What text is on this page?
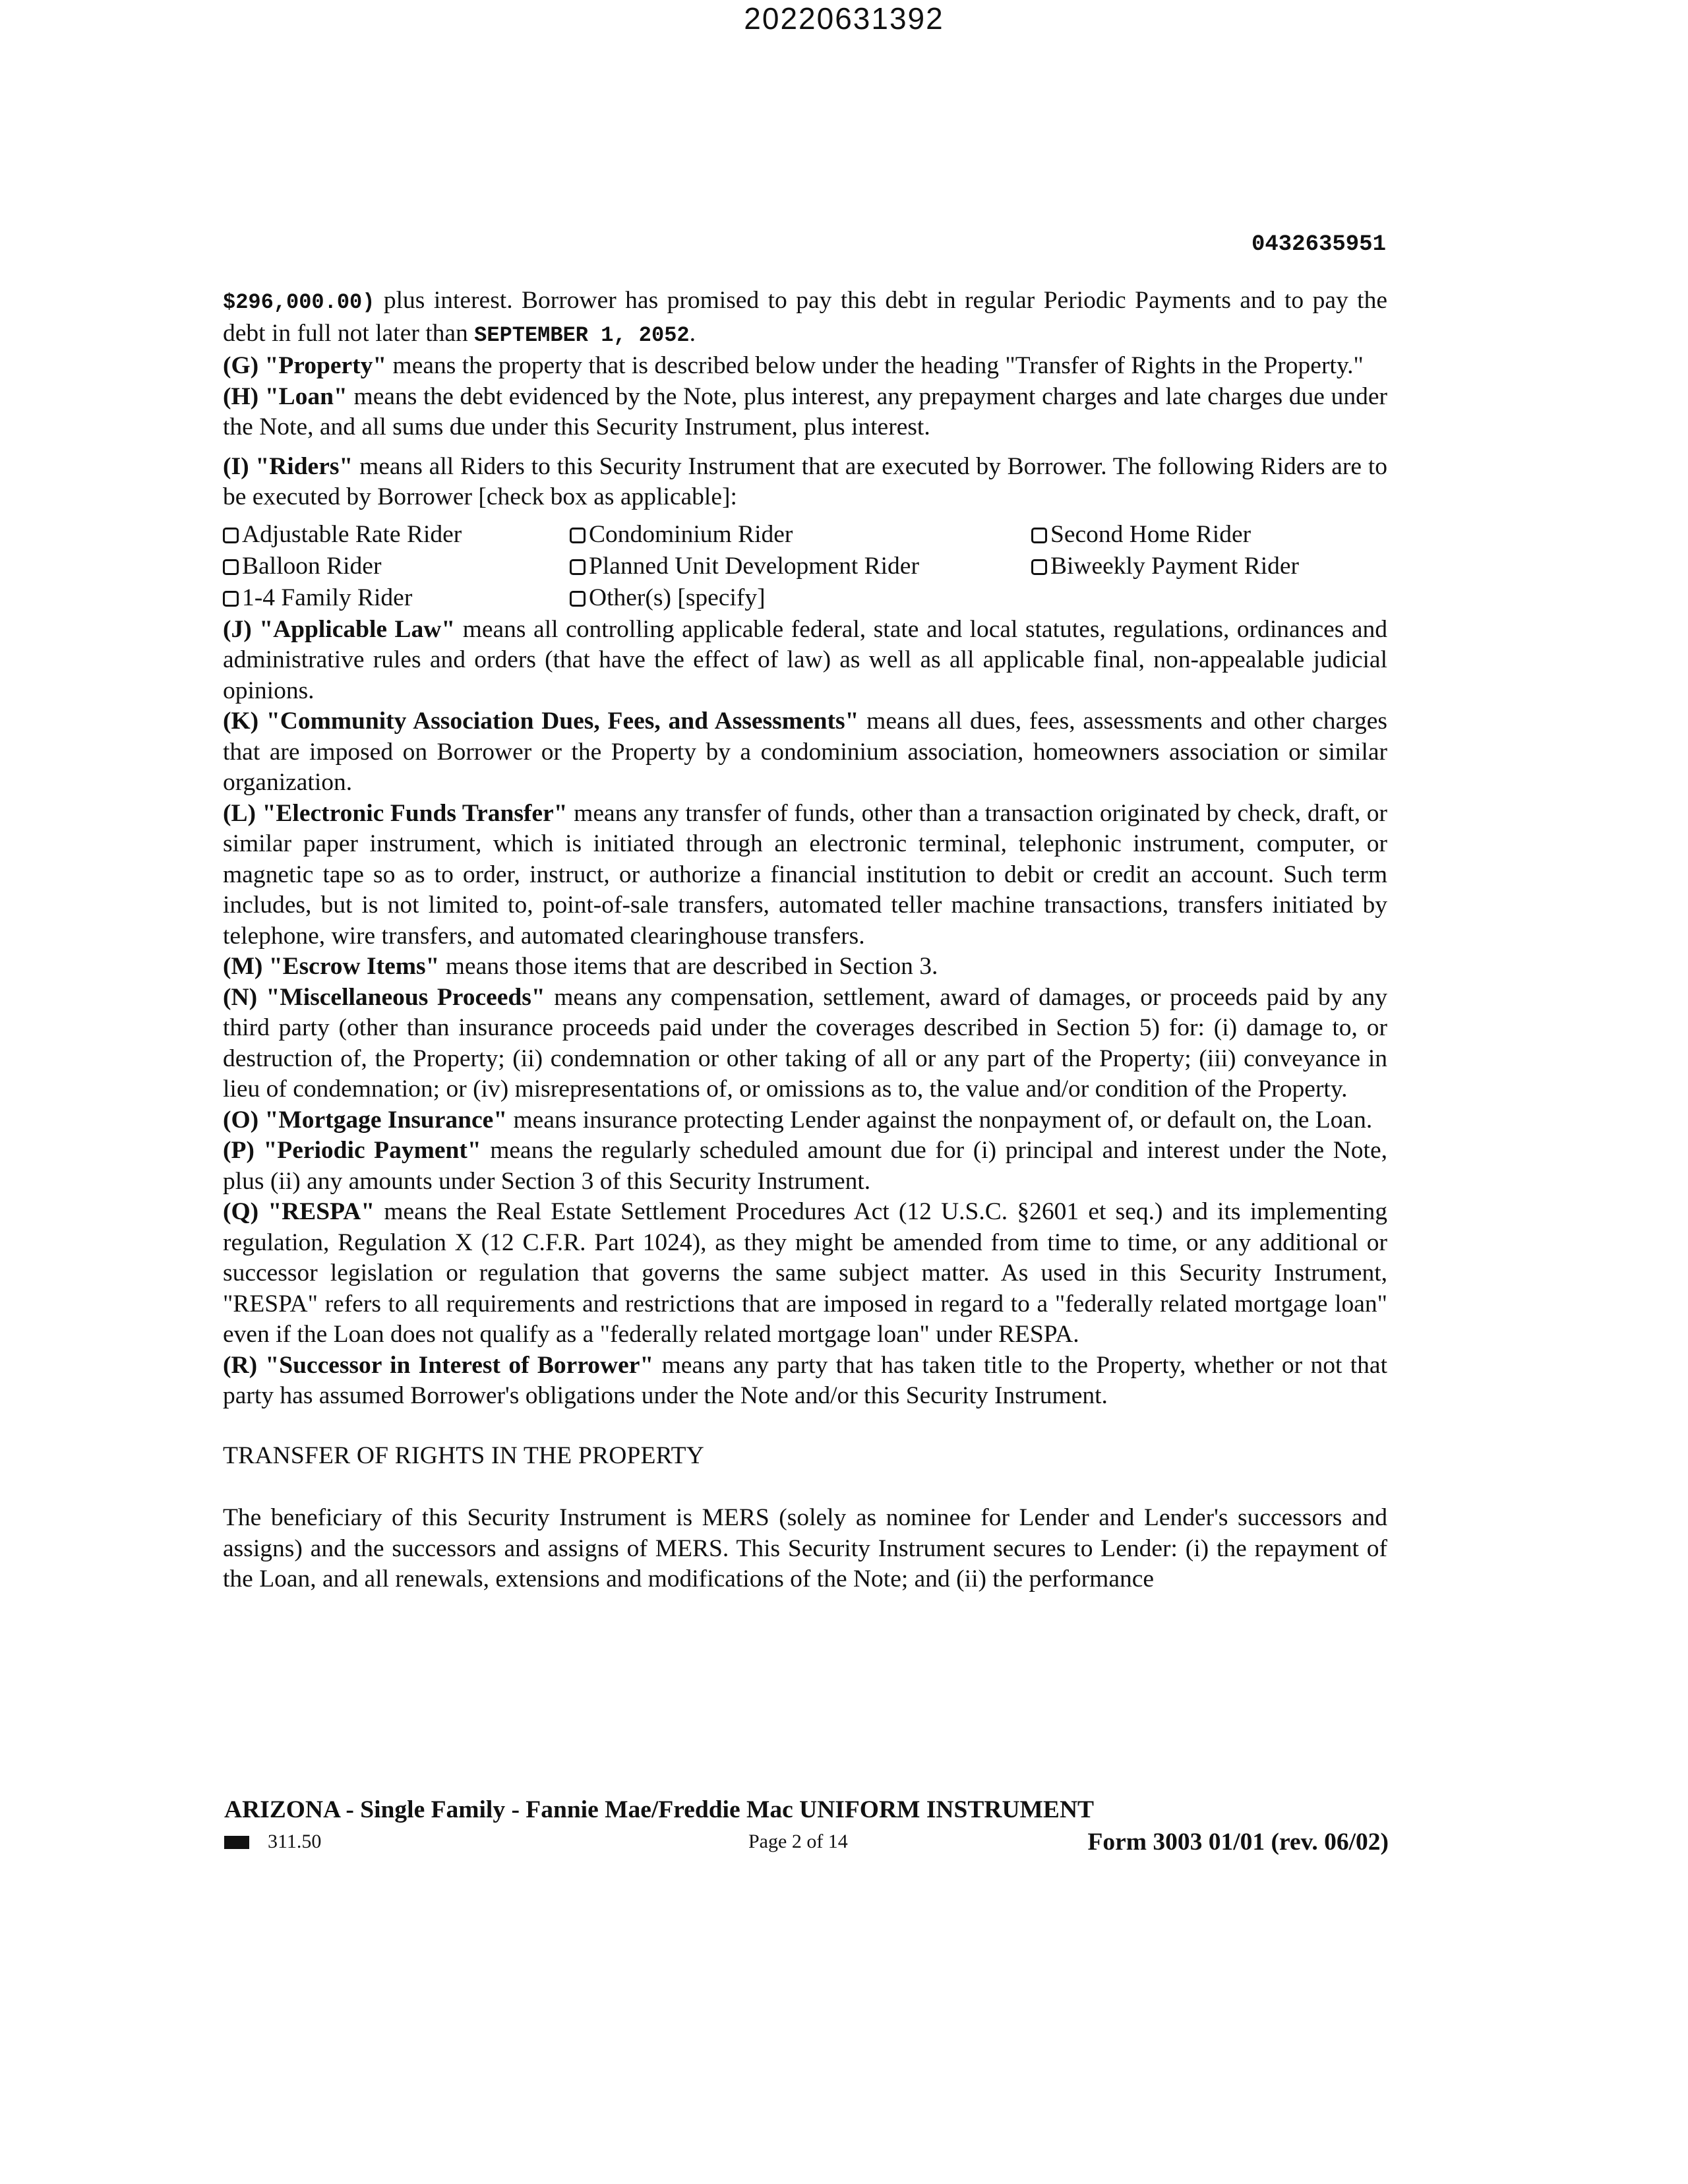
20220631392
0432635951

$296,000.00) plus interest. Borrower has promised to pay this debt in regular Periodic Payments and to pay the debt in full not later than SEPTEMBER 1, 2052.

(G) "Property" means the property that is described below under the heading "Transfer of Rights in the Property."

(H) "Loan" means the debt evidenced by the Note, plus interest, any prepayment charges and late charges due under the Note, and all sums due under this Security Instrument, plus interest.

(I) "Riders" means all Riders to this Security Instrument that are executed by Borrower. The following Riders are to be executed by Borrower [check box as applicable]:

Adjustable Rate Rider	Condominium Rider	Second Home Rider
Balloon Rider	Planned Unit Development Rider	Biweekly Payment Rider
1-4 Family Rider	Other(s) [specify]

(J) "Applicable Law" means all controlling applicable federal, state and local statutes, regulations, ordinances and administrative rules and orders (that have the effect of law) as well as all applicable final, non-appealable judicial opinions.

(K) "Community Association Dues, Fees, and Assessments" means all dues, fees, assessments and other charges that are imposed on Borrower or the Property by a condominium association, homeowners association or similar organization.

(L) "Electronic Funds Transfer" means any transfer of funds, other than a transaction originated by check, draft, or similar paper instrument, which is initiated through an electronic terminal, telephonic instrument, computer, or magnetic tape so as to order, instruct, or authorize a financial institution to debit or credit an account. Such term includes, but is not limited to, point-of-sale transfers, automated teller machine transactions, transfers initiated by telephone, wire transfers, and automated clearinghouse transfers.

(M) "Escrow Items" means those items that are described in Section 3.

(N) "Miscellaneous Proceeds" means any compensation, settlement, award of damages, or proceeds paid by any third party (other than insurance proceeds paid under the coverages described in Section 5) for: (i) damage to, or destruction of, the Property; (ii) condemnation or other taking of all or any part of the Property; (iii) conveyance in lieu of condemnation; or (iv) misrepresentations of, or omissions as to, the value and/or condition of the Property.

(O) "Mortgage Insurance" means insurance protecting Lender against the nonpayment of, or default on, the Loan.

(P) "Periodic Payment" means the regularly scheduled amount due for (i) principal and interest under the Note, plus (ii) any amounts under Section 3 of this Security Instrument.

(Q) "RESPA" means the Real Estate Settlement Procedures Act (12 U.S.C. §2601 et seq.) and its implementing regulation, Regulation X (12 C.F.R. Part 1024), as they might be amended from time to time, or any additional or successor legislation or regulation that governs the same subject matter. As used in this Security Instrument, "RESPA" refers to all requirements and restrictions that are imposed in regard to a "federally related mortgage loan" even if the Loan does not qualify as a "federally related mortgage loan" under RESPA.

(R) "Successor in Interest of Borrower" means any party that has taken title to the Property, whether or not that party has assumed Borrower's obligations under the Note and/or this Security Instrument.

TRANSFER OF RIGHTS IN THE PROPERTY

The beneficiary of this Security Instrument is MERS (solely as nominee for Lender and Lender's successors and assigns) and the successors and assigns of MERS. This Security Instrument secures to Lender: (i) the repayment of the Loan, and all renewals, extensions and modifications of the Note; and (ii) the performance

ARIZONA - Single Family - Fannie Mae/Freddie Mac UNIFORM INSTRUMENT
311.50	Page 2 of 14	Form 3003 01/01 (rev. 06/02)
